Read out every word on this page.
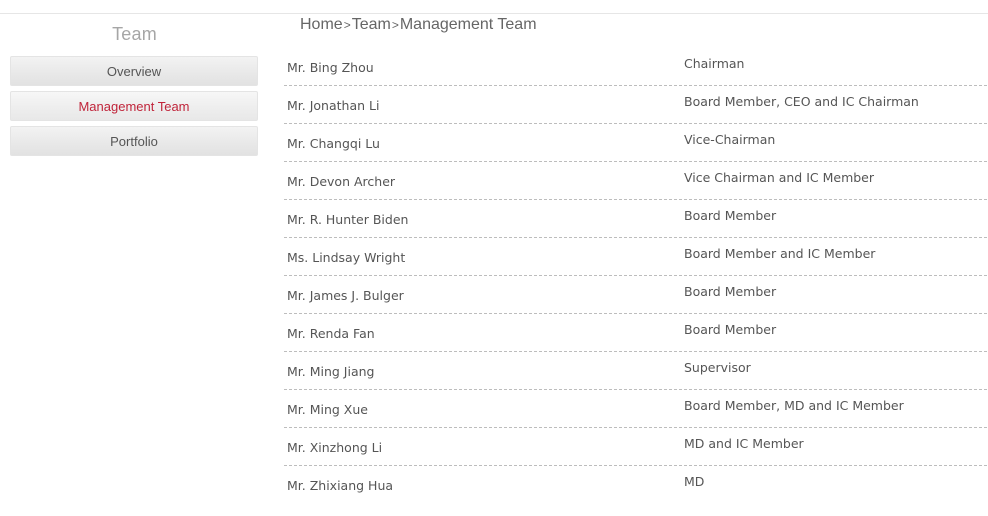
Team
Overview
Management Team
Portfolio
Home>Team>Management Team
Mr. Bing Zhou	Chairman
Mr. Jonathan Li	Board Member, CEO and IC Chairman
Mr. Changqi Lu	Vice-Chairman
Mr. Devon Archer	Vice Chairman and IC Member
Mr. R. Hunter Biden	Board Member
Ms. Lindsay Wright	Board Member and IC Member
Mr. James J. Bulger	Board Member
Mr. Renda Fan	Board Member
Mr. Ming Jiang	Supervisor
Mr. Ming Xue	Board Member, MD and IC Member
Mr. Xinzhong Li	MD and IC Member
Mr. Zhixiang Hua	MD
